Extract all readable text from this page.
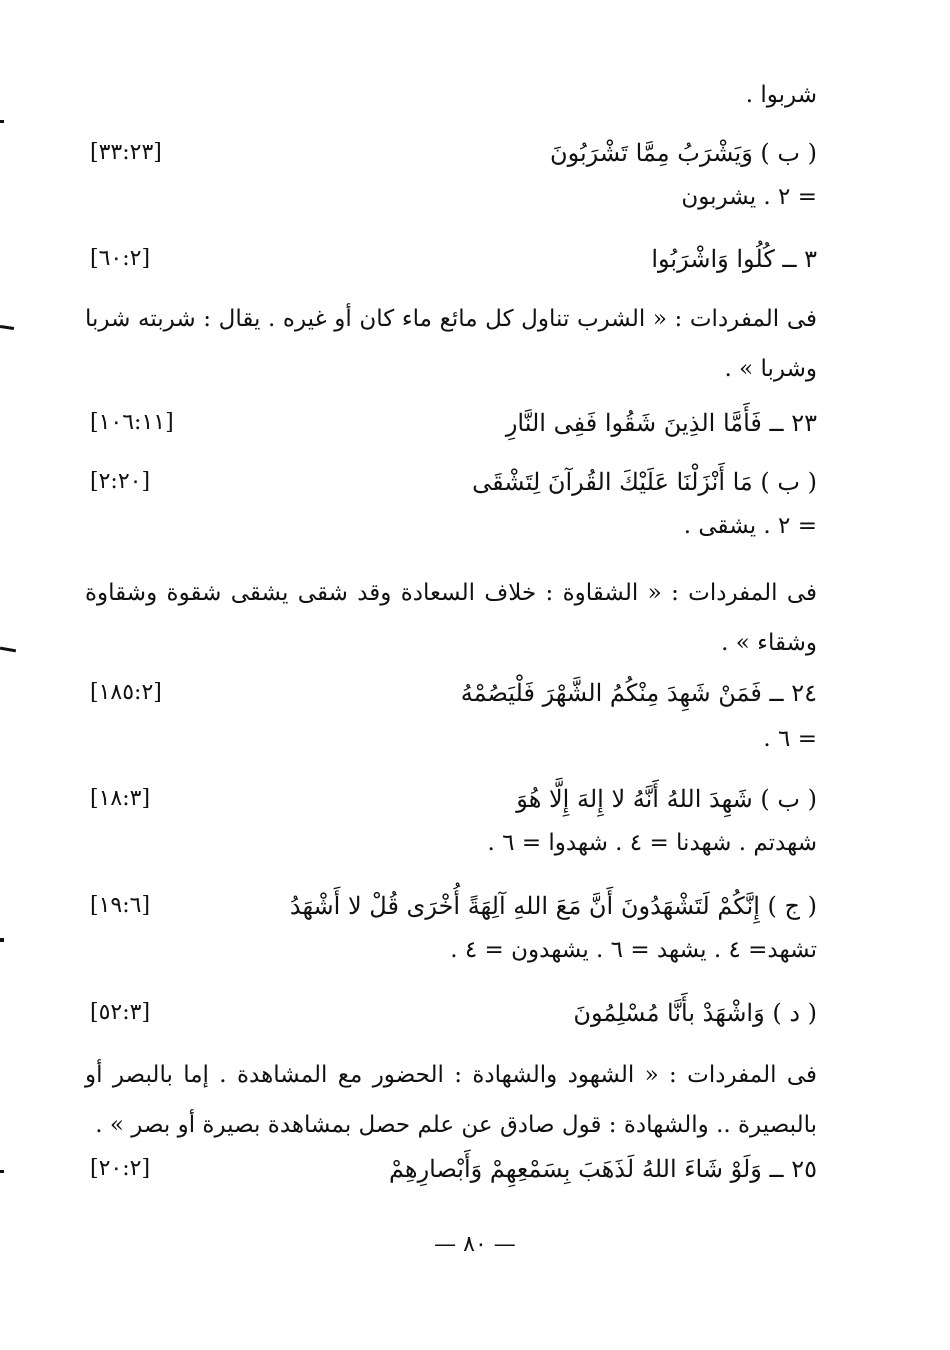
شربوا .
( ب ) وَيَشْرَبُ مِمَّا تَشْرَبُونَ
[٣٣:٢٣]
= ٢ . يشربون
٣ ــ كُلُوا وَاشْرَبُوا
[٦٠:٢]
فى المفردات : « الشرب تناول كل مائع ماء كان أو غيره . يقال : شربته شربا وشربا » .
٢٣ ــ فَأَمَّا الذِينَ شَقُوا فَفِى النَّارِ
[١٠٦:١١]
( ب ) مَا أَنْزَلْنَا عَلَيْكَ القُرآنَ لِتَشْقَى
[٢:٢٠]
= ٢ . يشقى .
فى المفردات : « الشقاوة : خلاف السعادة وقد شقى يشقى شقوة وشقاوة وشقاء » .
٢٤ ــ فَمَنْ شَهِدَ مِنْكُمُ الشَّهْرَ فَلْيَصُمْهُ
[١٨٥:٢]
= ٦ .
( ب ) شَهِدَ اللهُ أَنَّهُ لا إِلهَ إِلَّا هُوَ
[١٨:٣]
شهدتم . شهدنا = ٤ . شهدوا = ٦ .
( ج ) إِنَّكُمْ لَتَشْهَدُونَ أَنَّ مَعَ اللهِ آلِهَةً أُخْرَى قُلْ لا أَشْهَدُ
[١٩:٦]
تشهد= ٤ . يشهد = ٦ . يشهدون = ٤ .
( د ) وَاشْهَدْ بأَنَّا مُسْلِمُونَ
[٥٢:٣]
فى المفردات : « الشهود والشهادة : الحضور مع المشاهدة . إما بالبصر أو بالبصيرة .. والشهادة : قول صادق عن علم حصل بمشاهدة بصيرة أو بصر » .
٢٥ ــ وَلَوْ شَاءَ اللهُ لَذَهَبَ بِسَمْعِهِمْ وَأَبْصارِهِمْ
[٢٠:٢]
— ٨٠ —
